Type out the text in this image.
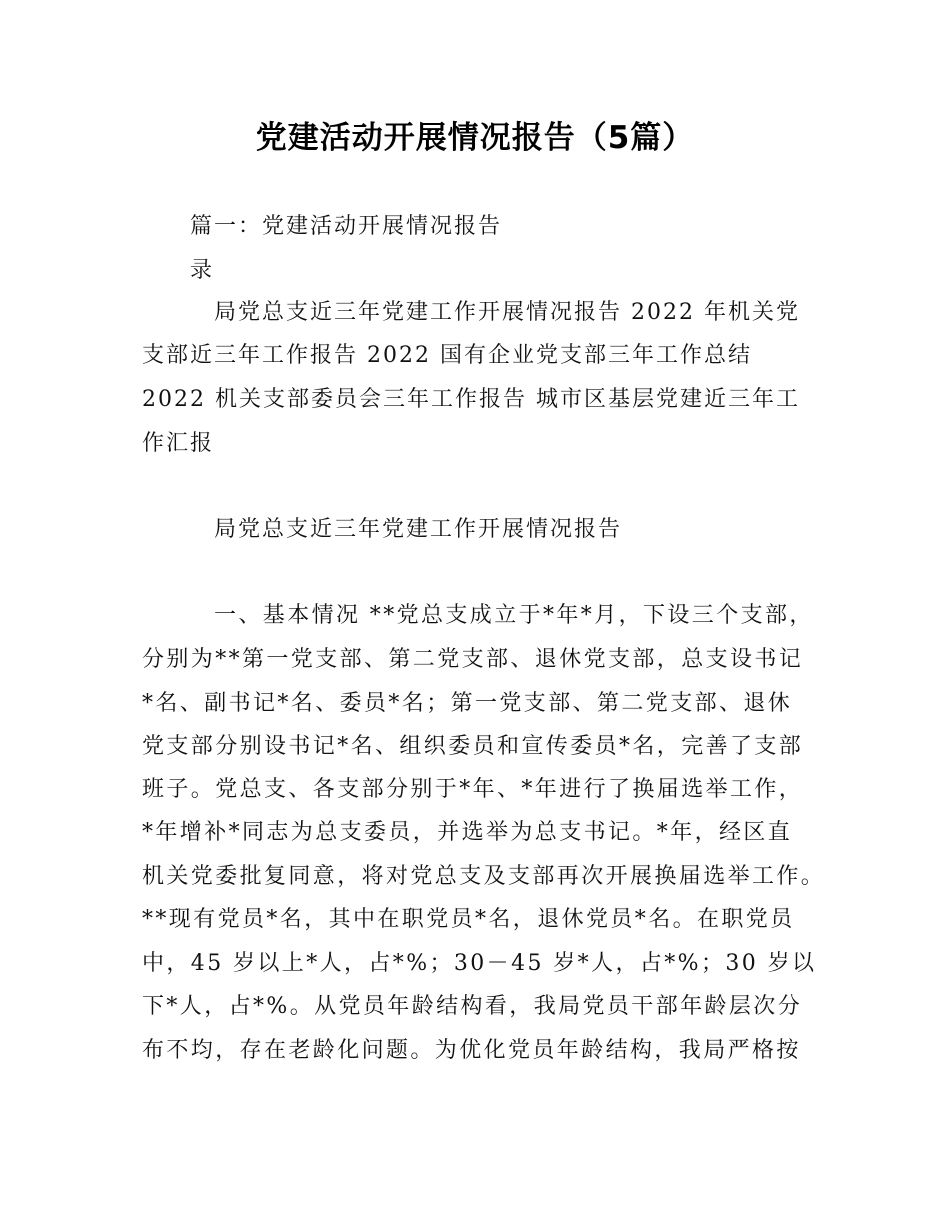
党建活动开展情况报告（5篇）
篇一：党建活动开展情况报告
录
局党总支近三年党建工作开展情况报告 2022 年机关党
支部近三年工作报告 2022 国有企业党支部三年工作总结
2022 机关支部委员会三年工作报告 城市区基层党建近三年工
作汇报
局党总支近三年党建工作开展情况报告
一、基本情况 **党总支成立于*年*月，下设三个支部，
分别为**第一党支部、第二党支部、退休党支部，总支设书记
*名、副书记*名、委员*名；第一党支部、第二党支部、退休
党支部分别设书记*名、组织委员和宣传委员*名，完善了支部
班子。党总支、各支部分别于*年、*年进行了换届选举工作，
*年增补*同志为总支委员，并选举为总支书记。*年，经区直
机关党委批复同意，将对党总支及支部再次开展换届选举工作。
**现有党员*名，其中在职党员*名，退休党员*名。在职党员
中，45 岁以上*人，占*%；30－45 岁*人，占*%；30 岁以
下*人，占*%。从党员年龄结构看，我局党员干部年龄层次分
布不均，存在老龄化问题。为优化党员年龄结构，我局严格按
